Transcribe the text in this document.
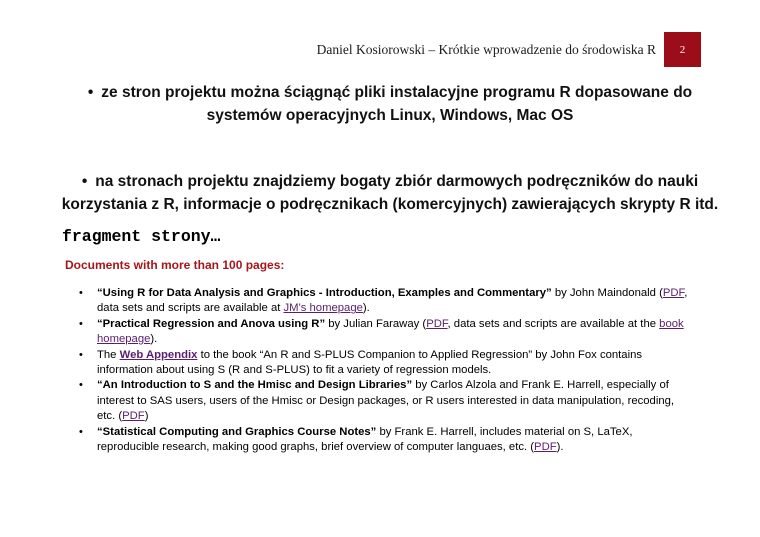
Daniel Kosiorowski – Krótkie wprowadzenie do środowiska R	2
• ze stron projektu można ściągnąć pliki instalacyjne programu R dopasowane do
systemów operacyjnych Linux, Windows, Mac OS
• na stronach projektu znajdziemy bogaty zbiór darmowych podręczników do nauki
korzystania z R, informacje o podręcznikach (komercyjnych) zawierających skrypty R itd.
fragment strony…
Documents with more than 100 pages:
• “Using R for Data Analysis and Graphics - Introduction, Examples and Commentary” by John Maindonald (PDF, data sets and scripts are available at JM's homepage).
• “Practical Regression and Anova using R” by Julian Faraway (PDF, data sets and scripts are available at the book homepage).
• The Web Appendix to the book “An R and S-PLUS Companion to Applied Regression” by John Fox contains information about using S (R and S-PLUS) to fit a variety of regression models.
• “An Introduction to S and the Hmisc and Design Libraries” by Carlos Alzola and Frank E. Harrell, especially of interest to SAS users, users of the Hmisc or Design packages, or R users interested in data manipulation, recoding, etc. (PDF)
• “Statistical Computing and Graphics Course Notes” by Frank E. Harrell, includes material on S, LaTeX, reproducible research, making good graphs, brief overview of computer languaes, etc. (PDF).
